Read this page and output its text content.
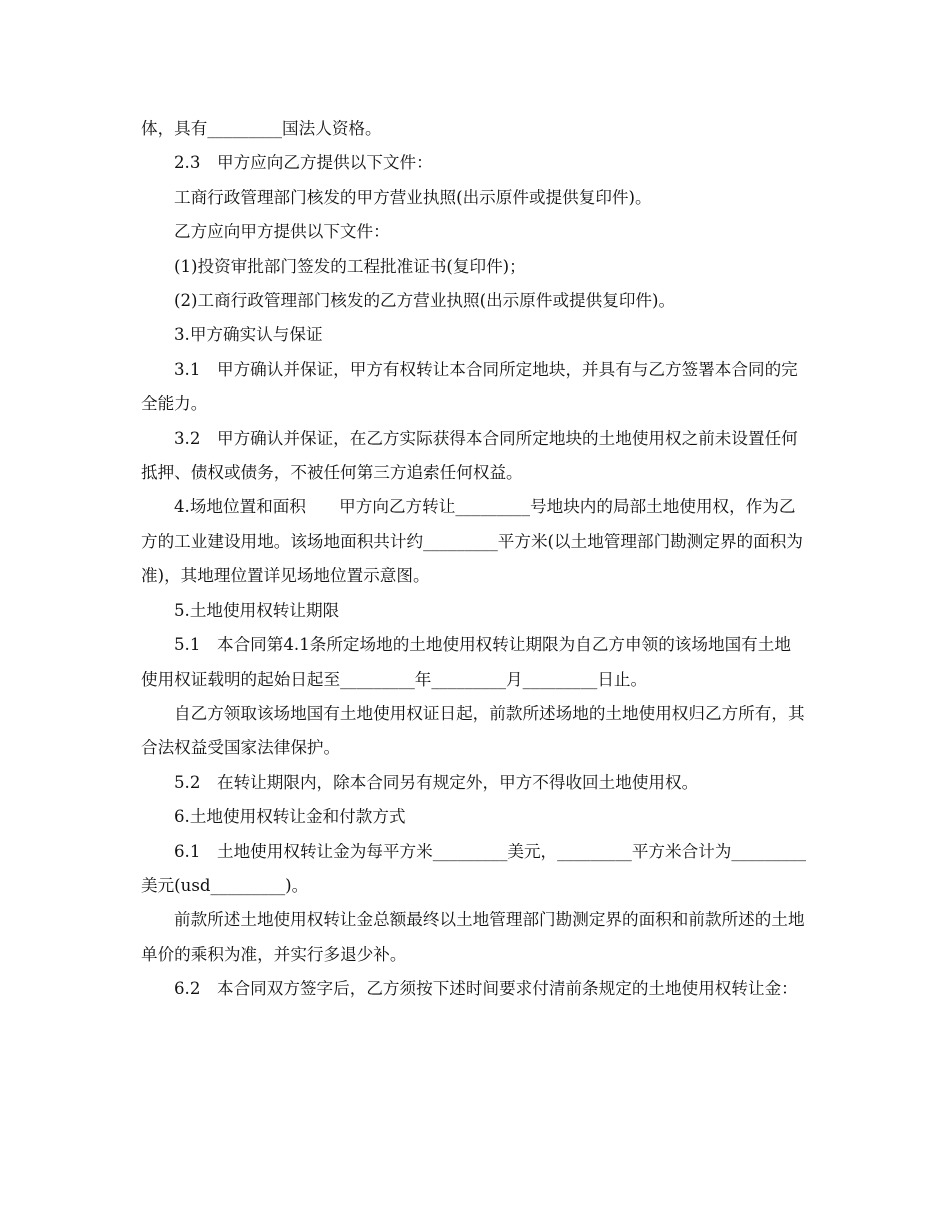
体，具有_________国法人资格。

2.3　甲方应向乙方提供以下文件：

工商行政管理部门核发的甲方营业执照(出示原件或提供复印件)。

乙方应向甲方提供以下文件：

(1)投资审批部门签发的工程批准证书(复印件)；

(2)工商行政管理部门核发的乙方营业执照(出示原件或提供复印件)。

3.甲方确实认与保证

3.1　甲方确认并保证，甲方有权转让本合同所定地块，并具有与乙方签署本合同的完全能力。

3.2　甲方确认并保证，在乙方实际获得本合同所定地块的土地使用权之前未设置任何抵押、债权或债务，不被任何第三方追索任何权益。

4.场地位置和面积　　甲方向乙方转让_________号地块内的局部土地使用权，作为乙方的工业建设用地。该场地面积共计约_________平方米(以土地管理部门勘测定界的面积为准)，其地理位置详见场地位置示意图。

5.土地使用权转让期限

5.1　本合同第4.1条所定场地的土地使用权转让期限为自乙方申领的该场地国有土地使用权证载明的起始日起至_________年_________月_________日止。

自乙方领取该场地国有土地使用权证日起，前款所述场地的土地使用权归乙方所有，其合法权益受国家法律保护。

5.2　在转让期限内，除本合同另有规定外，甲方不得收回土地使用权。

6.土地使用权转让金和付款方式

6.1　土地使用权转让金为每平方米_________美元，_________平方米合计为_________美元(usd_________)。

前款所述土地使用权转让金总额最终以土地管理部门勘测定界的面积和前款所述的土地单价的乘积为准，并实行多退少补。

6.2　本合同双方签字后，乙方须按下述时间要求付清前条规定的土地使用权转让金：
